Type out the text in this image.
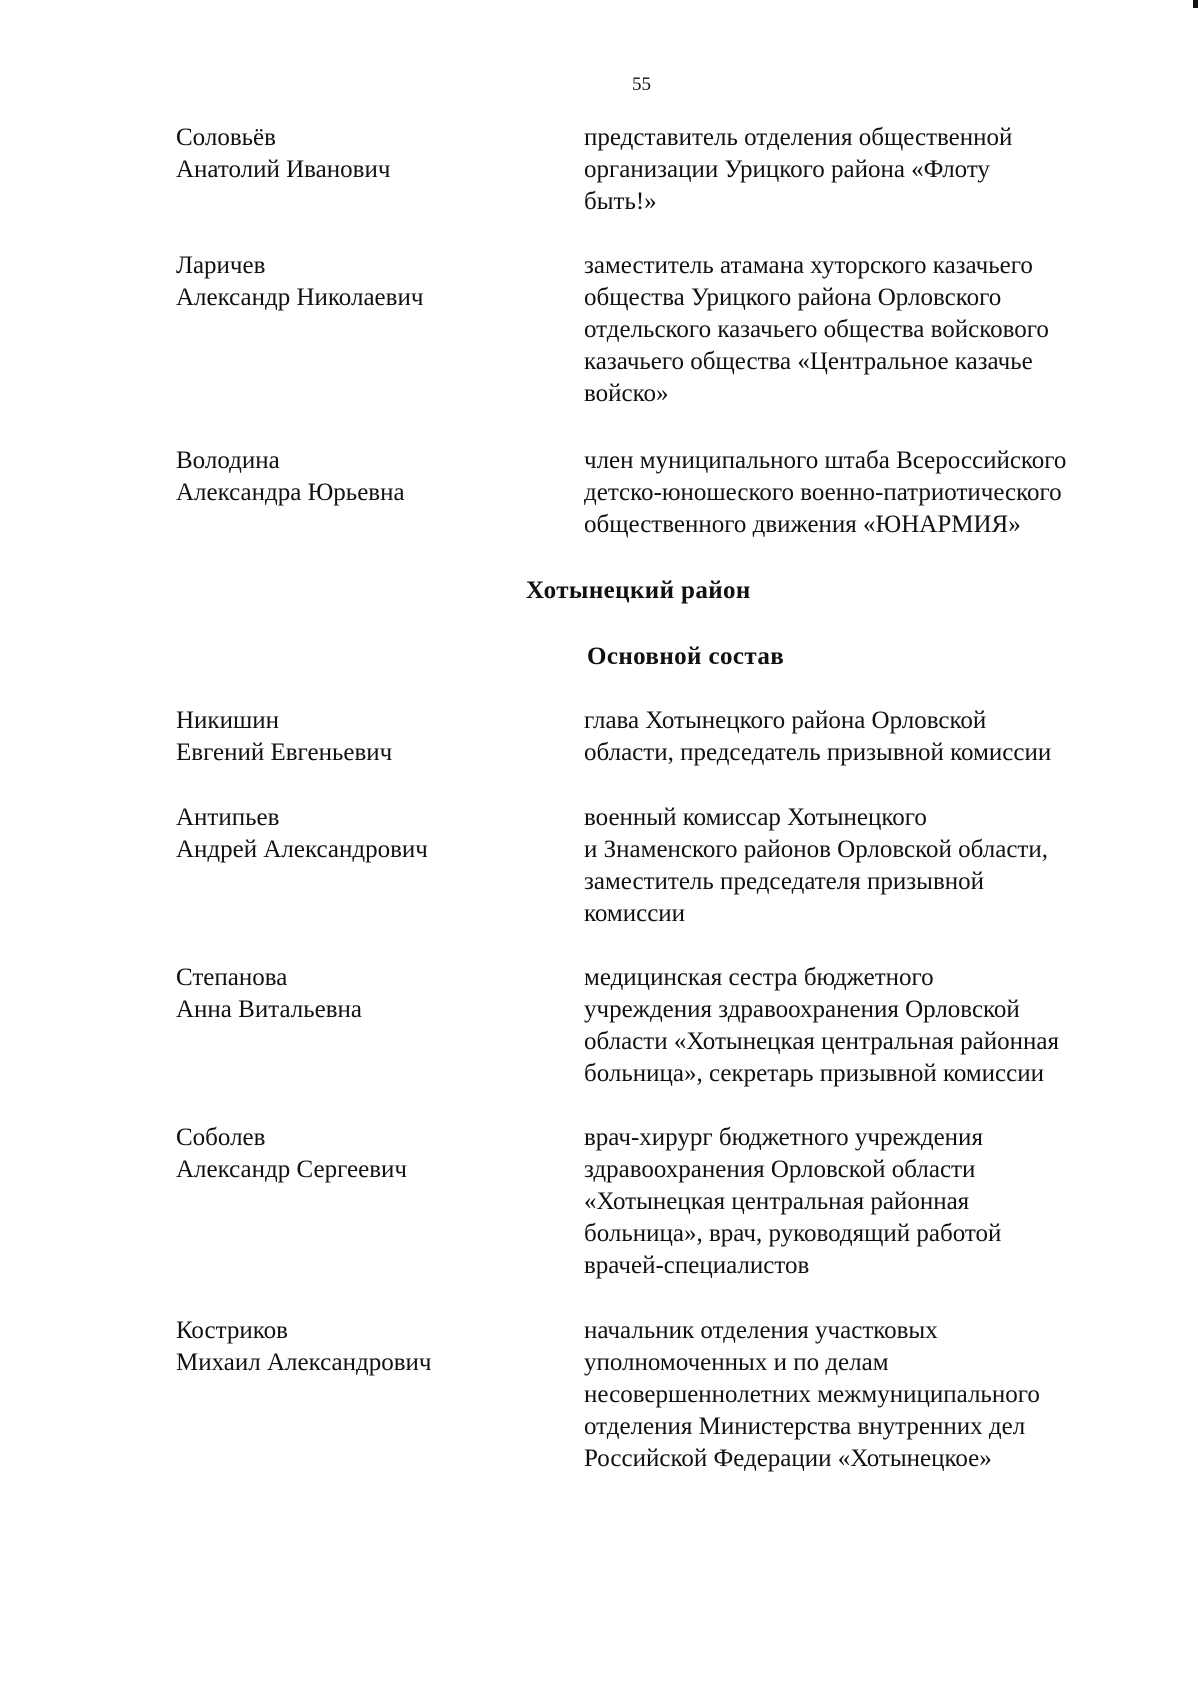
55
Соловьёв
Анатолий Иванович
представитель отделения общественной
организации Урицкого района «Флоту
быть!»
Ларичев
Александр Николаевич
заместитель атамана хуторского казачьего
общества Урицкого района Орловского
отдельского казачьего общества войскового
казачьего общества «Центральное казачье
войско»
Володина
Александра Юрьевна
член муниципального штаба Всероссийского
детско-юношеского военно-патриотического
общественного движения «ЮНАРМИЯ»
Хотынецкий район
Основной состав
Никишин
Евгений Евгеньевич
глава Хотынецкого района Орловской
области, председатель призывной комиссии
Антипьев
Андрей Александрович
военный комиссар Хотынецкого
и Знаменского районов Орловской области,
заместитель председателя призывной
комиссии
Степанова
Анна Витальевна
медицинская сестра бюджетного
учреждения здравоохранения Орловской
области «Хотынецкая центральная районная
больница», секретарь призывной комиссии
Соболев
Александр Сергеевич
врач-хирург бюджетного учреждения
здравоохранения Орловской области
«Хотынецкая центральная районная
больница», врач, руководящий работой
врачей-специалистов
Костриков
Михаил Александрович
начальник отделения участковых
уполномоченных и по делам
несовершеннолетних межмуниципального
отделения Министерства внутренних дел
Российской Федерации «Хотынецкое»
